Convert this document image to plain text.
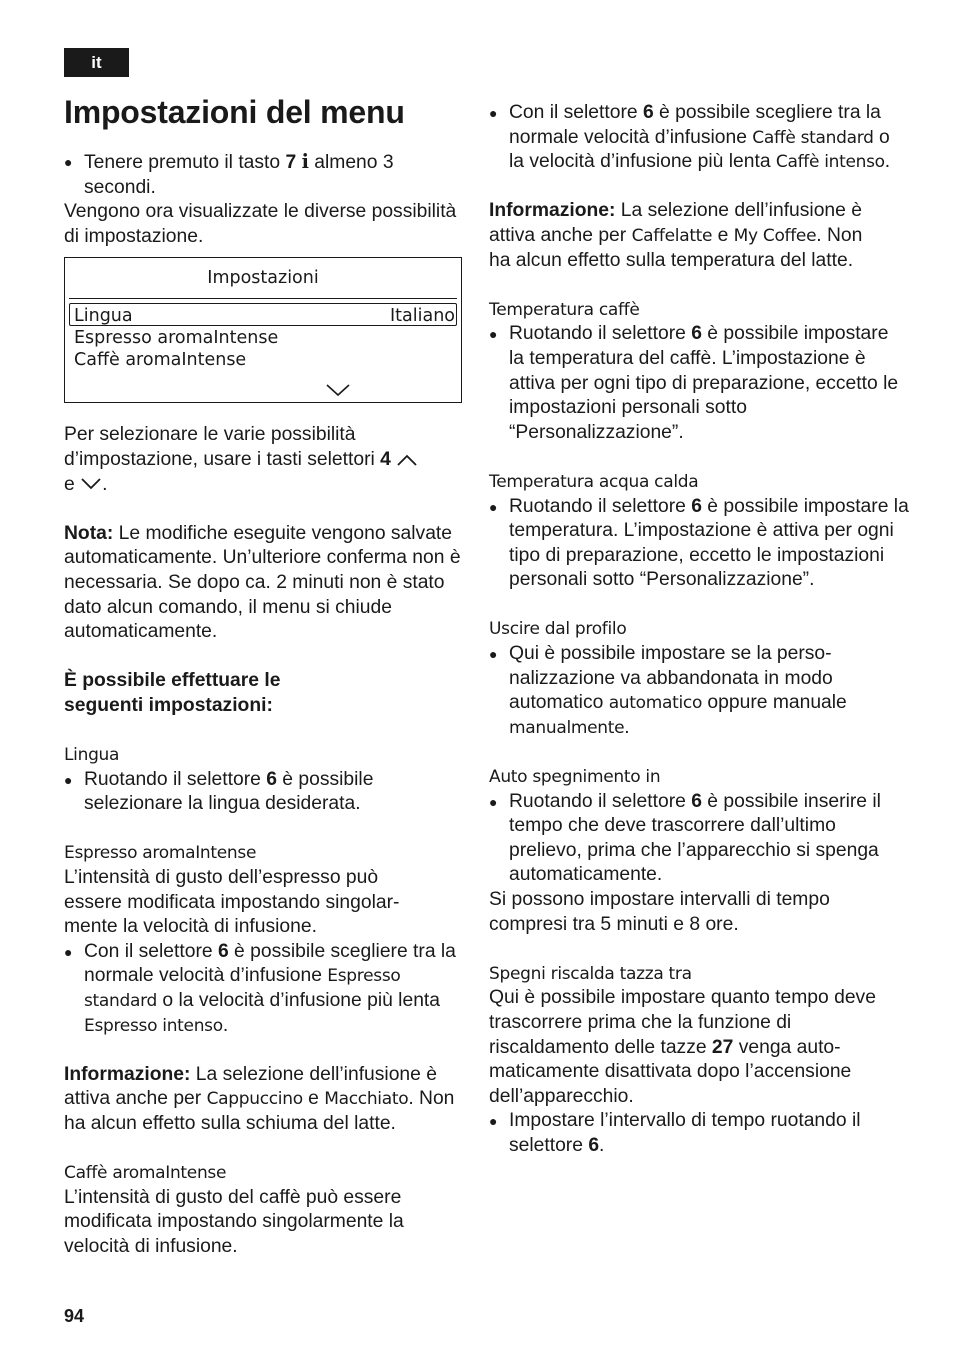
it
Impostazioni del menu

● Tenere premuto il tasto 7 i almeno 3 secondi.

Vengono ora visualizzate le diverse possibilità di impostazione.

Impostazioni
Lingua	Italiano
Espresso aromaIntense
Caffè aromaIntense

Per selezionare le varie possibilità d’impostazione, usare i tasti selettori 4
e .

Nota: Le modifiche eseguite vengono salvate automaticamente. Un’ulteriore conferma non è necessaria. Se dopo ca. 2 minuti non è stato dato alcun comando, il menu si chiude automaticamente.

È possibile effettuare le seguenti impostazioni:

Lingua

● Ruotando il selettore 6 è possibile selezionare la lingua desiderata.

Espresso aromaIntense

L’intensità di gusto dell’espresso può essere modificata impostando singolar-mente la velocità di infusione.

● Con il selettore 6 è possibile scegliere tra la normale velocità d’infusione Espresso standard o la velocità d’infusione più lenta Espresso intenso.

Informazione: La selezione dell’infusione è attiva anche per Cappuccino e Macchiato. Non ha alcun effetto sulla schiuma del latte.

Caffè aromaIntense

L’intensità di gusto del caffè può essere modificata impostando singolarmente la velocità di infusione.

● Con il selettore 6 è possibile scegliere tra la normale velocità d’infusione Caffè standard o la velocità d’infusione più lenta Caffè intenso.

Informazione: La selezione dell’infusione è attiva anche per Caffelatte e My Coffee. Non ha alcun effetto sulla temperatura del latte.

Temperatura caffè

● Ruotando il selettore 6 è possibile impostare la temperatura del caffè. L’impostazione è attiva per ogni tipo di preparazione, eccetto le impostazioni personali sotto “Personalizzazione”.

Temperatura acqua calda

● Ruotando il selettore 6 è possibile impostare la temperatura. L’impostazione è attiva per ogni tipo di preparazione, eccetto le impostazioni personali sotto “Personalizzazione”.

Uscire dal profilo

● Qui è possibile impostare se la perso-nalizzazione va abbandonata in modo automatico automatico oppure manuale manualmente.

Auto spegnimento in

● Ruotando il selettore 6 è possibile inserire il tempo che deve trascorrere dall’ultimo prelievo, prima che l’apparecchio si spenga automaticamente.

Si possono impostare intervalli di tempo compresi tra 5 minuti e 8 ore.

Spegni riscalda tazza tra

Qui è possibile impostare quanto tempo deve trascorrere prima che la funzione di riscaldamento delle tazze 27 venga auto-maticamente disattivata dopo l’accensione dell’apparecchio.

● Impostare l’intervallo di tempo ruotando il selettore 6.

94
